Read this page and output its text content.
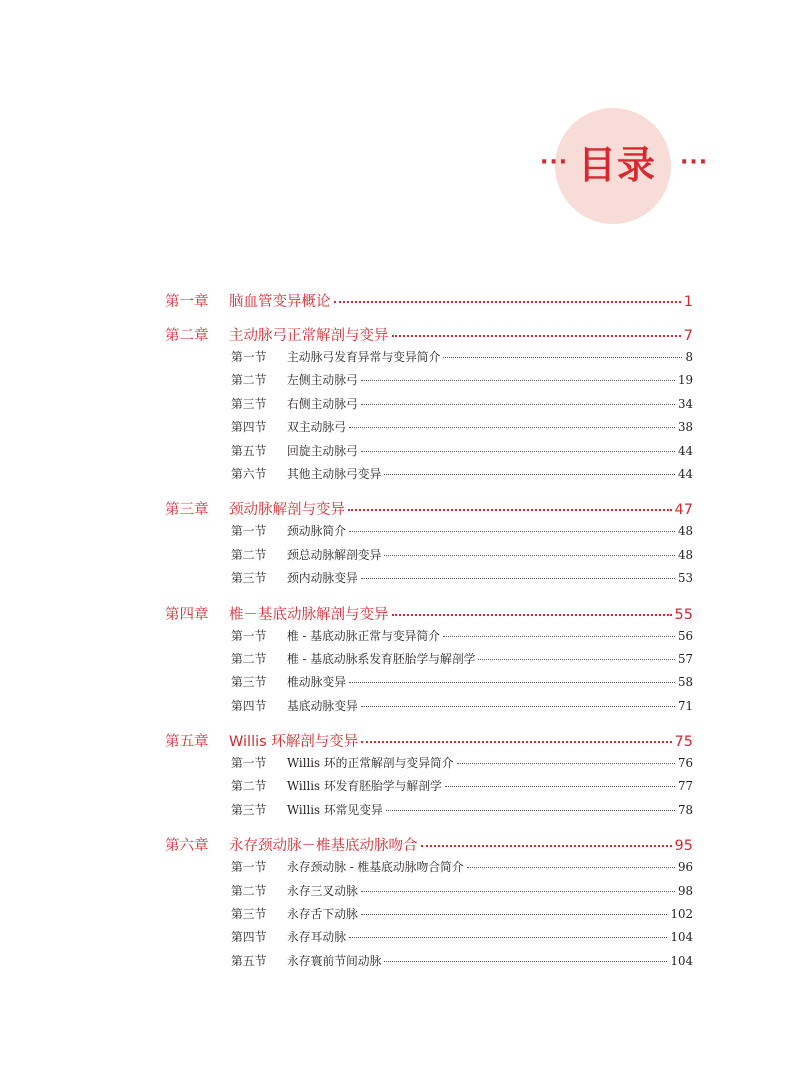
··· 目录 ···
第一章	脑血管变异概论	1
第二章	主动脉弓正常解剖与变异	7
第一节	主动脉弓发育异常与变异简介	8
第二节	左侧主动脉弓	19
第三节	右侧主动脉弓	34
第四节	双主动脉弓	38
第五节	回旋主动脉弓	44
第六节	其他主动脉弓变异	44
第三章	颈动脉解剖与变异	47
第一节	颈动脉简介	48
第二节	颈总动脉解剖变异	48
第三节	颈内动脉变异	53
第四章	椎－基底动脉解剖与变异	55
第一节	椎 - 基底动脉正常与变异简介	56
第二节	椎 - 基底动脉系发育胚胎学与解剖学	57
第三节	椎动脉变异	58
第四节	基底动脉变异	71
第五章	Willis 环解剖与变异	75
第一节	Willis 环的正常解剖与变异简介	76
第二节	Willis 环发育胚胎学与解剖学	77
第三节	Willis 环常见变异	78
第六章	永存颈动脉－椎基底动脉吻合	95
第一节	永存颈动脉 - 椎基底动脉吻合简介	96
第二节	永存三叉动脉	98
第三节	永存舌下动脉	102
第四节	永存耳动脉	104
第五节	永存寰前节间动脉	104
